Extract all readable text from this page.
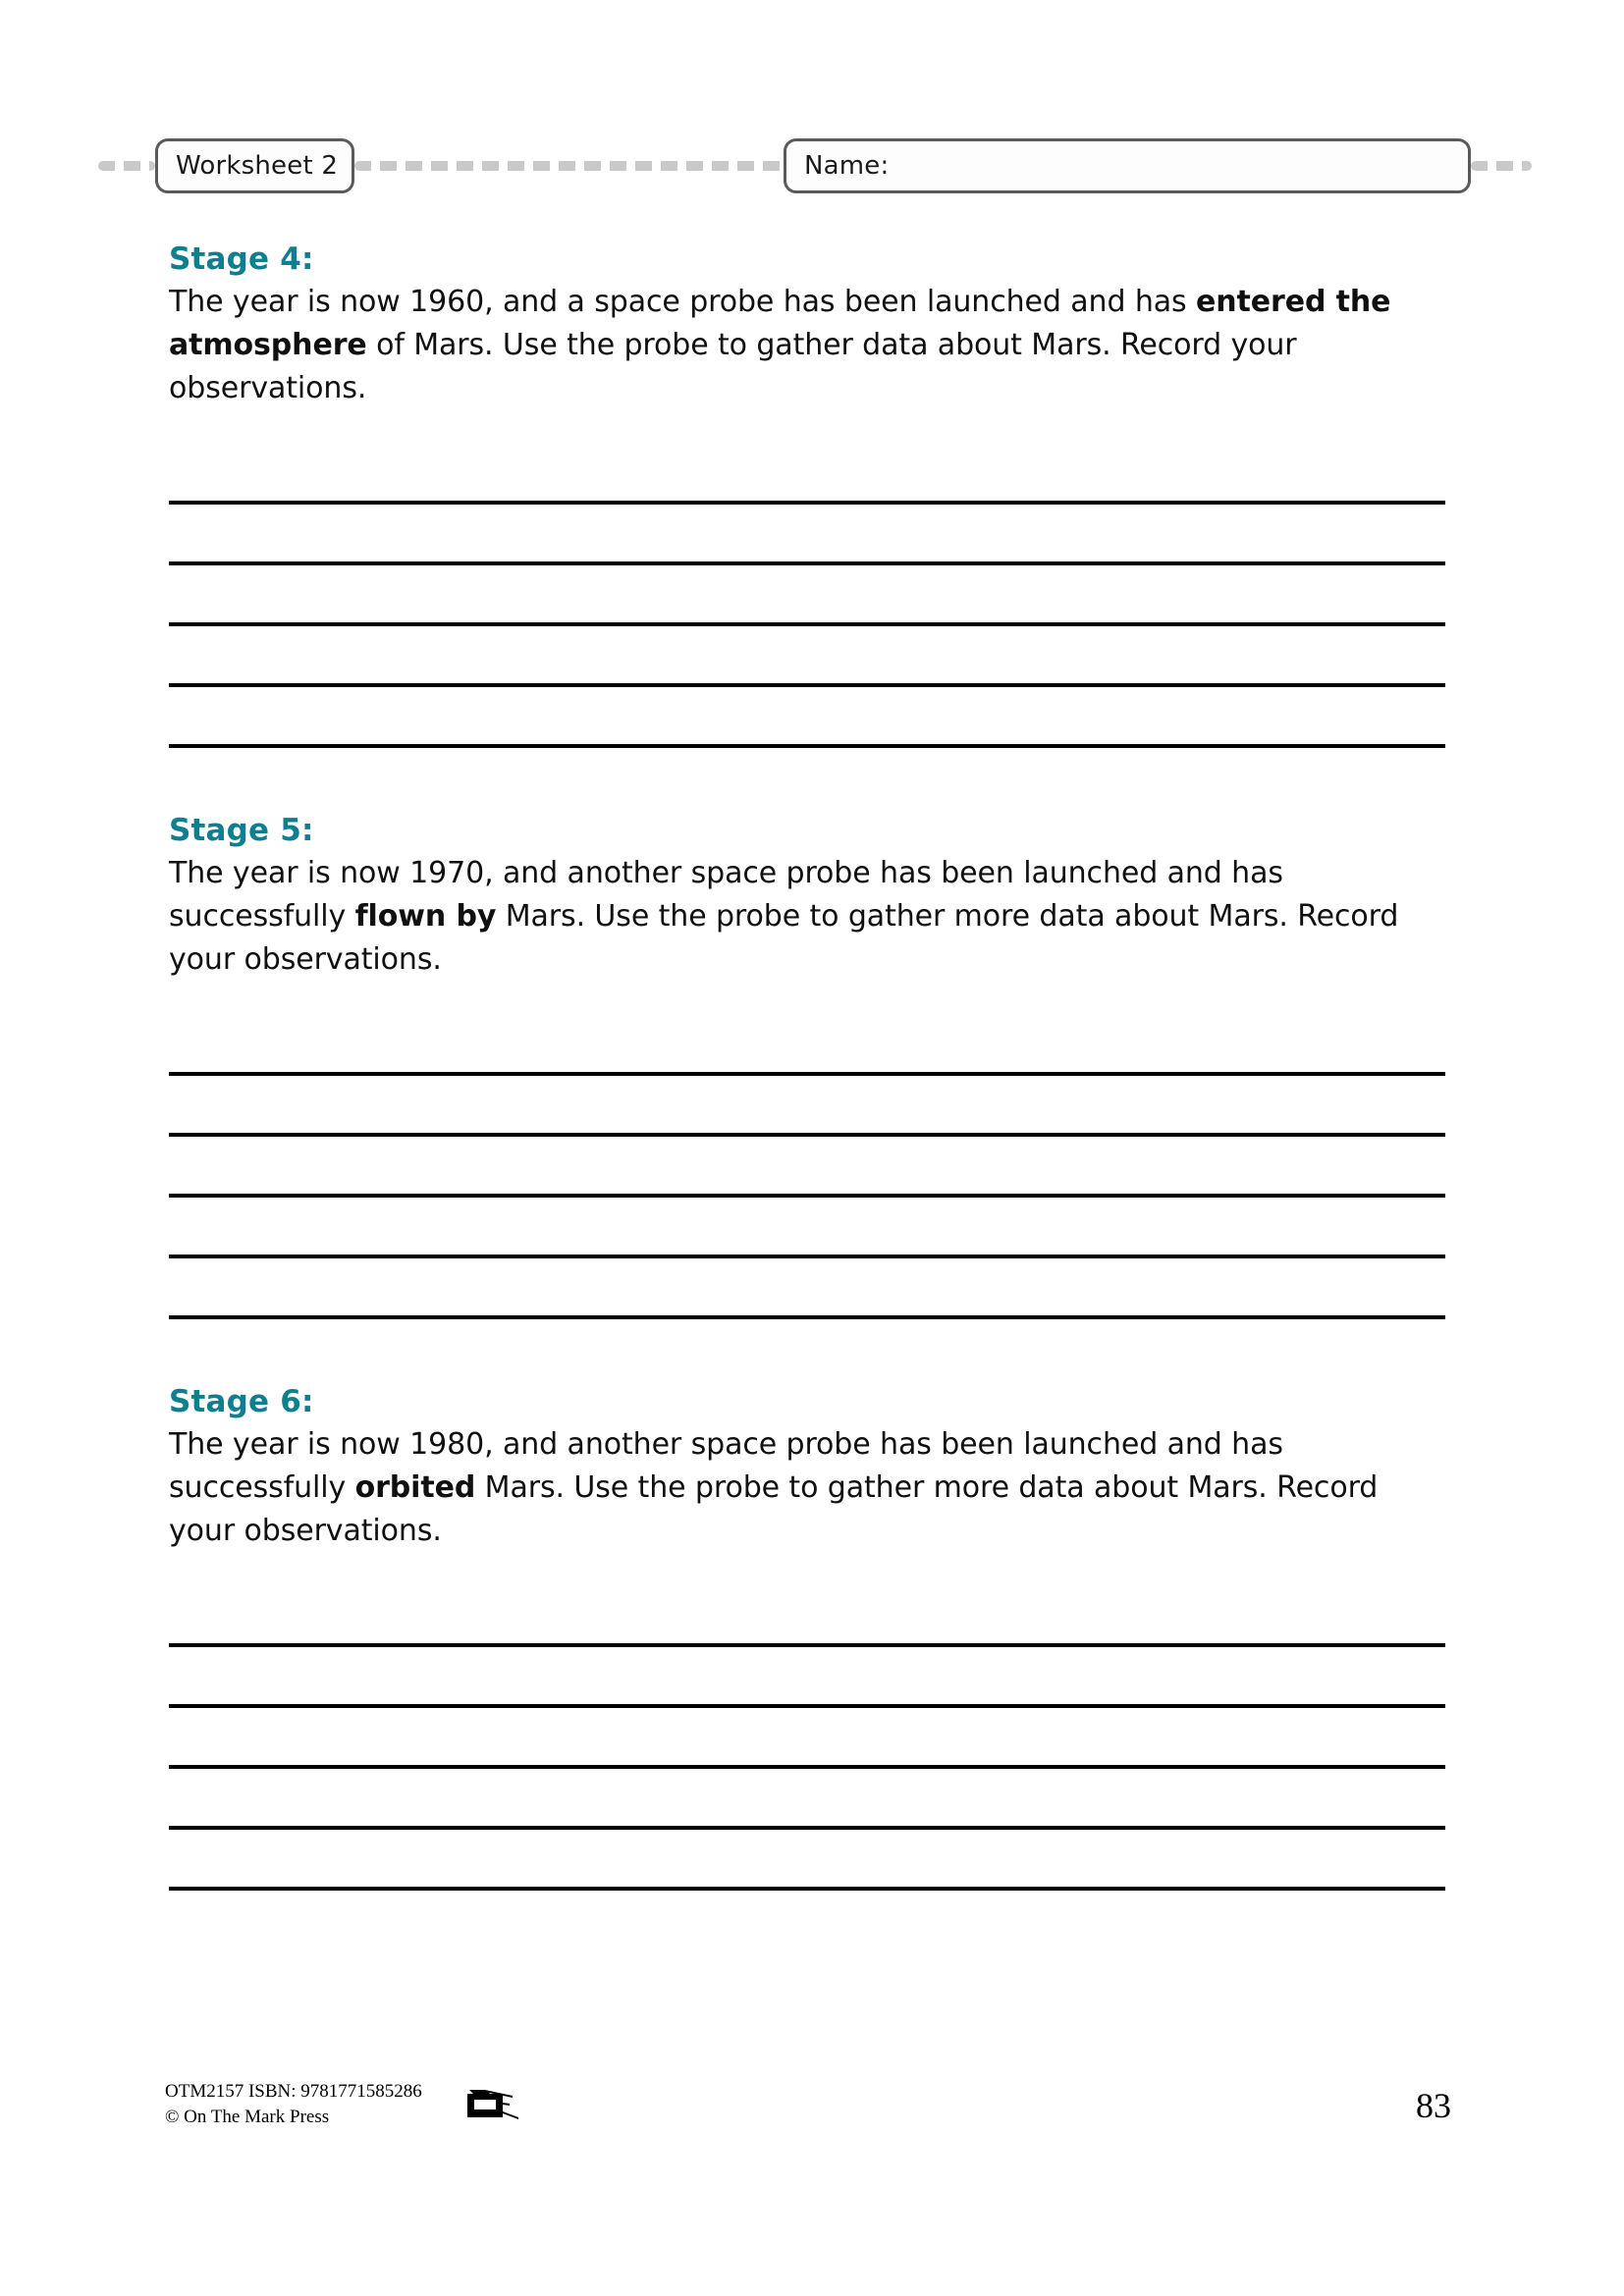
Worksheet 2	Name:
Stage 4:

The year is now 1960, and a space probe has been launched and has entered the atmosphere of Mars. Use the probe to gather data about Mars. Record your observations.

Stage 5:

The year is now 1970, and another space probe has been launched and has successfully flown by Mars. Use the probe to gather more data about Mars. Record your observations.

Stage 6:

The year is now 1980, and another space probe has been launched and has successfully orbited Mars. Use the probe to gather more data about Mars. Record your observations.

OTM2157 ISBN: 9781771585286
© On The Mark Press	83
